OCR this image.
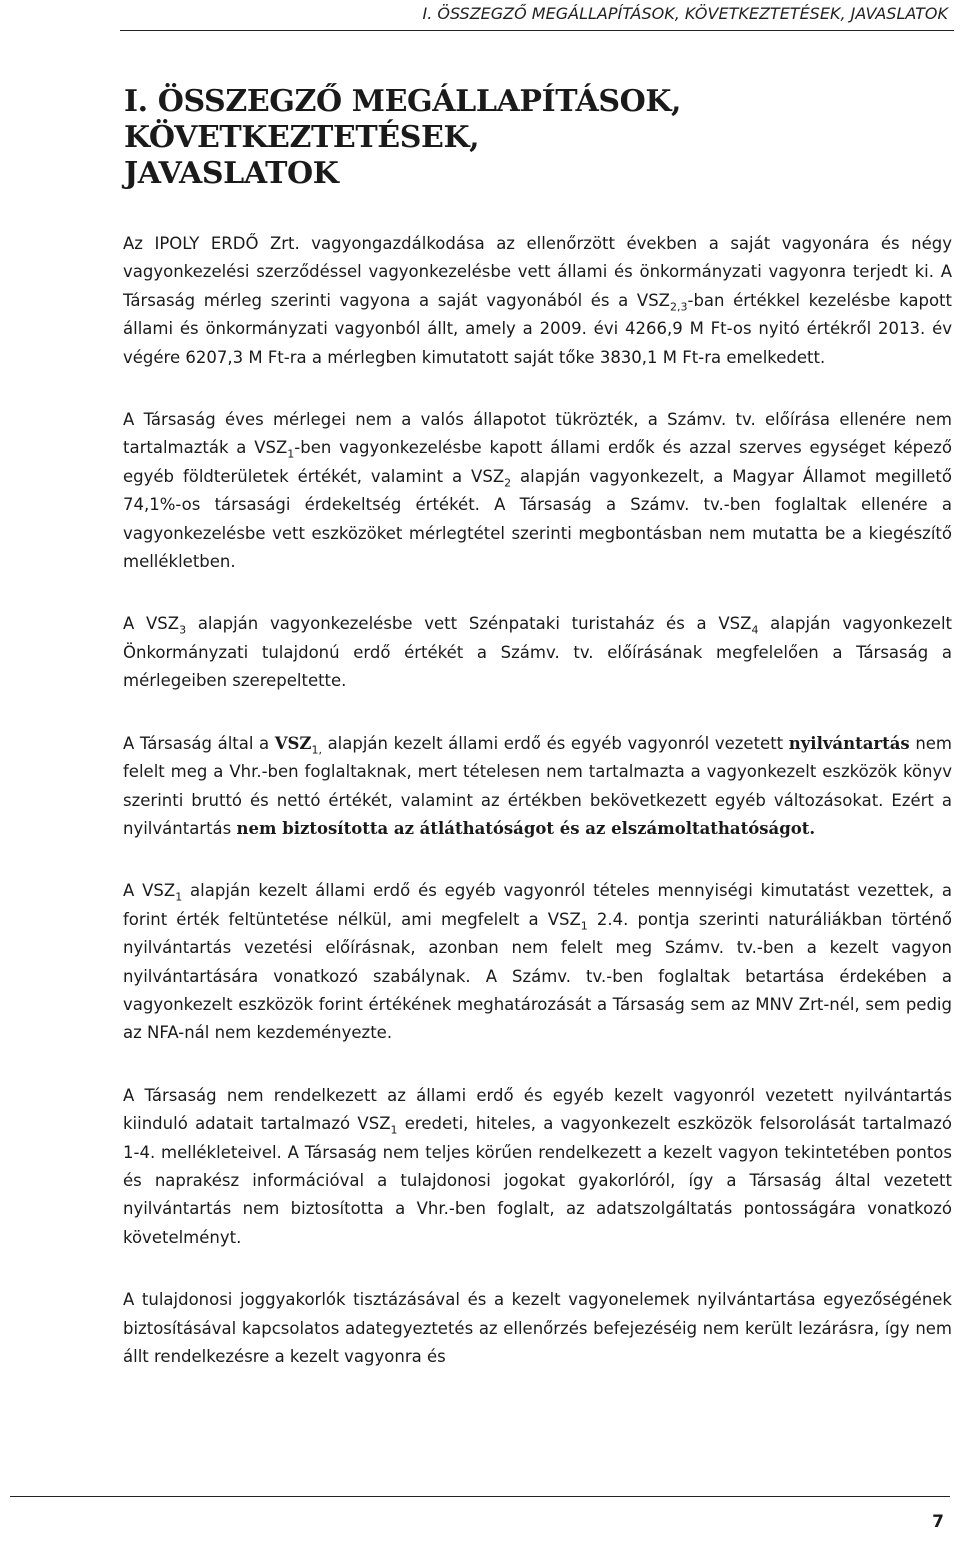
I. ÖSSZEGZŐ MEGÁLLAPÍTÁSOK, KÖVETKEZTETÉSEK, JAVASLATOK
I. ÖSSZEGZŐ MEGÁLLAPÍTÁSOK, KÖVETKEZTETÉSEK,
JAVASLATOK

Az IPOLY ERDŐ Zrt. vagyongazdálkodása az ellenőrzött években a saját vagyonára és négy vagyonkezelési szerződéssel vagyonkezelésbe vett állami és önkormányzati vagyonra terjedt ki. A Társaság mérleg szerinti vagyona a saját vagyonából és a $VSZ_{2,3}$-ban értékkel kezelésbe kapott állami és önkormányzati vagyonból állt, amely a 2009. évi 4266,9 M Ft-os nyitó értékről 2013. év végére 6207,3 M Ft-ra a mérlegben kimutatott saját tőke 3830,1 M Ft-ra emelkedett.

A Társaság éves mérlegei nem a valós állapotot tükrözték, a Számv. tv. előírása ellenére nem tartalmazták a $VSZ_1$-ben vagyonkezelésbe kapott állami erdők és azzal szerves egységet képező egyéb földterületek értékét, valamint a $VSZ_2$ alapján vagyonkezelt, a Magyar Államot megillető 74,1%-os társasági érdekeltség értékét. A Társaság a Számv. tv.-ben foglaltak ellenére a vagyonkezelésbe vett eszközöket mérlegtétel szerinti megbontásban nem mutatta be a kiegészítő mellékletben.

A $VSZ_3$ alapján vagyonkezelésbe vett Szénpataki turistaház és a $VSZ_4$ alapján vagyonkezelt Önkormányzati tulajdonú erdő értékét a Számv. tv. előírásának megfelelően a Társaság a mérlegeiben szerepeltette.

A Társaság által a $VSZ_{1,}$ alapján kezelt állami erdő és egyéb vagyonról vezetett nyilvántartás nem felelt meg a Vhr.-ben foglaltaknak, mert tételesen nem tartalmazta a vagyonkezelt eszközök könyv szerinti bruttó és nettó értékét, valamint az értékben bekövetkezett egyéb változásokat. Ezért a nyilvántartás nem biztosította az átláthatóságot és az elszámoltathatóságot.

A $VSZ_1$ alapján kezelt állami erdő és egyéb vagyonról tételes mennyiségi kimutatást vezettek, a forint érték feltüntetése nélkül, ami megfelelt a $VSZ_1$ 2.4. pontja szerinti naturáliákban történő nyilvántartás vezetési előírásnak, azonban nem felelt meg Számv. tv.-ben a kezelt vagyon nyilvántartására vonatkozó szabálynak. A Számv. tv.-ben foglaltak betartása érdekében a vagyonkezelt eszközök forint értékének meghatározását a Társaság sem az MNV Zrt-nél, sem pedig az NFA-nál nem kezdeményezte.

A Társaság nem rendelkezett az állami erdő és egyéb kezelt vagyonról vezetett nyilvántartás kiinduló adatait tartalmazó $VSZ_1$ eredeti, hiteles, a vagyonkezelt eszközök felsorolását tartalmazó 1-4. mellékleteivel. A Társaság nem teljes körűen rendelkezett a kezelt vagyon tekintetében pontos és naprakész információval a tulajdonosi jogokat gyakorlóról, így a Társaság által vezetett nyilvántartás nem biztosította a Vhr.-ben foglalt, az adatszolgáltatás pontosságára vonatkozó követelményt.

A tulajdonosi joggyakorlók tisztázásával és a kezelt vagyonelemek nyilvántartása egyezőségének biztosításával kapcsolatos adategyeztetés az ellenőrzés befejezéséig nem került lezárásra, így nem állt rendelkezésre a kezelt vagyonra és

7
